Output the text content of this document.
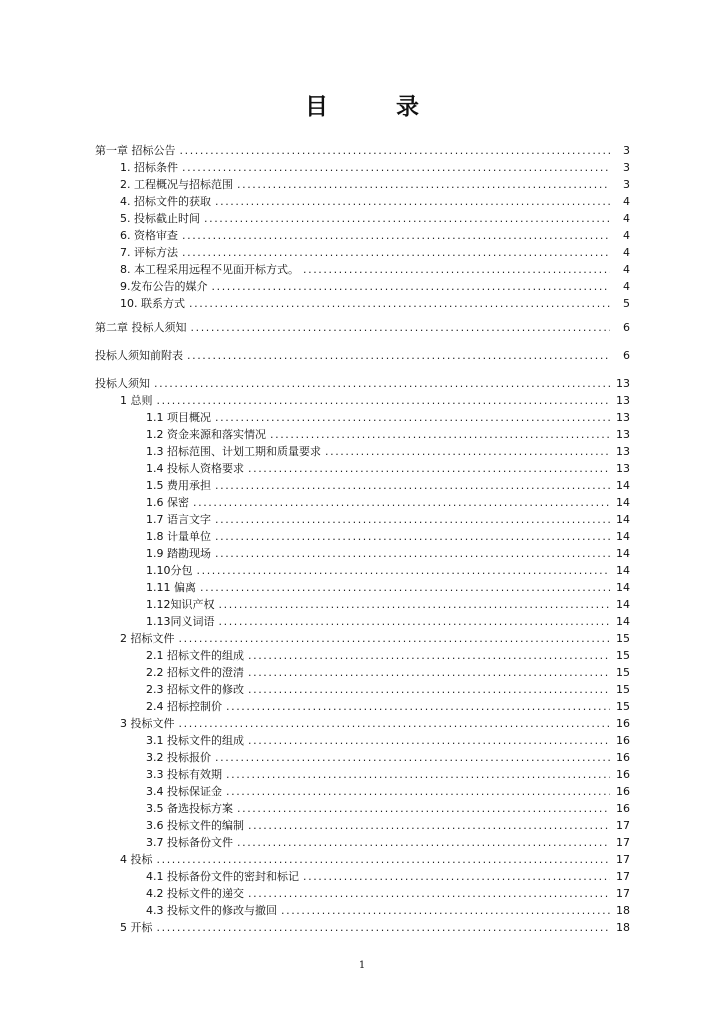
目 录
第一章 招标公告 .....	3
1. 招标条件 .....	3
2. 工程概况与招标范围 .....	3
4. 招标文件的获取 .....	4
5. 投标截止时间 .....	4
6. 资格审查 .....	4
7. 评标方法 .....	4
8. 本工程采用远程不见面开标方式。 .....	4
9.发布公告的媒介 .....	4
10. 联系方式 .....	5
第二章 投标人须知 .....	6
投标人须知前附表 .....	6
投标人须知 .....	13
1 总则 .....	13
1.1 项目概况 .....	13
1.2 资金来源和落实情况 .....	13
1.3 招标范围、计划工期和质量要求 .....	13
1.4 投标人资格要求 .....	13
1.5 费用承担 .....	14
1.6 保密 .....	14
1.7 语言文字 .....	14
1.8 计量单位 .....	14
1.9 踏勘现场 .....	14
1.10分包 .....	14
1.11 偏离 .....	14
1.12知识产权 .....	14
1.13同义词语 .....	14
2 招标文件 .....	15
2.1 招标文件的组成 .....	15
2.2 招标文件的澄清 .....	15
2.3 招标文件的修改 .....	15
2.4 招标控制价 .....	15
3 投标文件 .....	16
3.1 投标文件的组成 .....	16
3.2 投标报价 .....	16
3.3 投标有效期 .....	16
3.4 投标保证金 .....	16
3.5 备选投标方案 .....	16
3.6 投标文件的编制 .....	17
3.7 投标备份文件 .....	17
4 投标 .....	17
4.1 投标备份文件的密封和标记 .....	17
4.2 投标文件的递交 .....	17
4.3 投标文件的修改与撤回 .....	18
5 开标 .....	18
1
